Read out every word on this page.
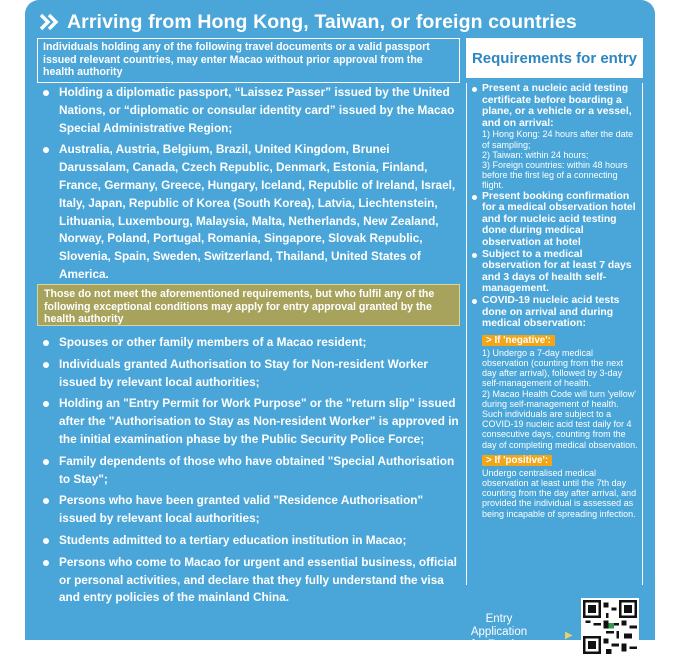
Arriving from Hong Kong, Taiwan, or foreign countries
Individuals holding any of the following travel documents or a valid passport issued relevant countries, may enter Macao without prior approval from the health authority
Holding a diplomatic passport, “Laissez Passer” issued by the United Nations, or “diplomatic or consular identity card” issued by the Macao Special Administrative Region;
Australia, Austria, Belgium, Brazil, United Kingdom, Brunei Darussalam, Canada, Czech Republic, Denmark, Estonia, Finland, France, Germany, Greece, Hungary, Iceland, Republic of Ireland, Israel, Italy, Japan, Republic of Korea (South Korea), Latvia, Liechtenstein, Lithuania, Luxembourg, Malaysia, Malta, Netherlands, New Zealand, Norway, Poland, Portugal, Romania, Singapore, Slovak Republic, Slovenia, Spain, Sweden, Switzerland, Thailand, United States of America.
Those do not meet the aforementioned requirements, but who fulfil any of the following exceptional conditions may apply for entry approval granted by the health authority
Spouses or other family members of a Macao resident;
Individuals granted Authorisation to Stay for Non-resident Worker issued by relevant local authorities;
Holding an "Entry Permit for Work Purpose" or the "return slip" issued after the "Authorisation to Stay as Non-resident Worker" is approved in the initial examination phase by the Public Security Police Force;
Family dependents of those who have obtained "Special Authorisation to Stay";
Persons who have been granted valid "Residence Authorisation" issued by relevant local authorities;
Students admitted to a tertiary education institution in Macao;
Persons who come to Macao for urgent and essential business, official or personal activities, and declare that they fully understand the visa and entry policies of the mainland China.
Requirements for entry
Present a nucleic acid testing certificate before boarding a plane, or a vehicle or a vessel, and on arrival:
1) Hong Kong: 24 hours after the date of sampling;
2) Taiwan: within 24 hours;
3) Foreign countries: within 48 hours before the first leg of a connecting flight.
Present booking confirmation for a medical observation hotel and for nucleic acid testing done during medical observation at hotel
Subject to a medical observation for at least 7 days and 3 days of health self-management.
COVID-19 nucleic acid tests done on arrival and during medical observation:
> If 'negative':
1) Undergo a 7-day medical observation (counting from the next day after arrival), followed by 3-day self-management of health.
2) Macao Health Code will turn 'yellow' during self-management of health. Such individuals are subject to a COVID-19 nucleic acid test daily for 4 consecutive days, counting from the day of completing medical observation.
> If 'positive':
Undergo centralised medical observation at least until the 7th day counting from the day after arrival, and provided the individual is assessed as being incapable of spreading infection.
Entry Application
for Foreign
▶
